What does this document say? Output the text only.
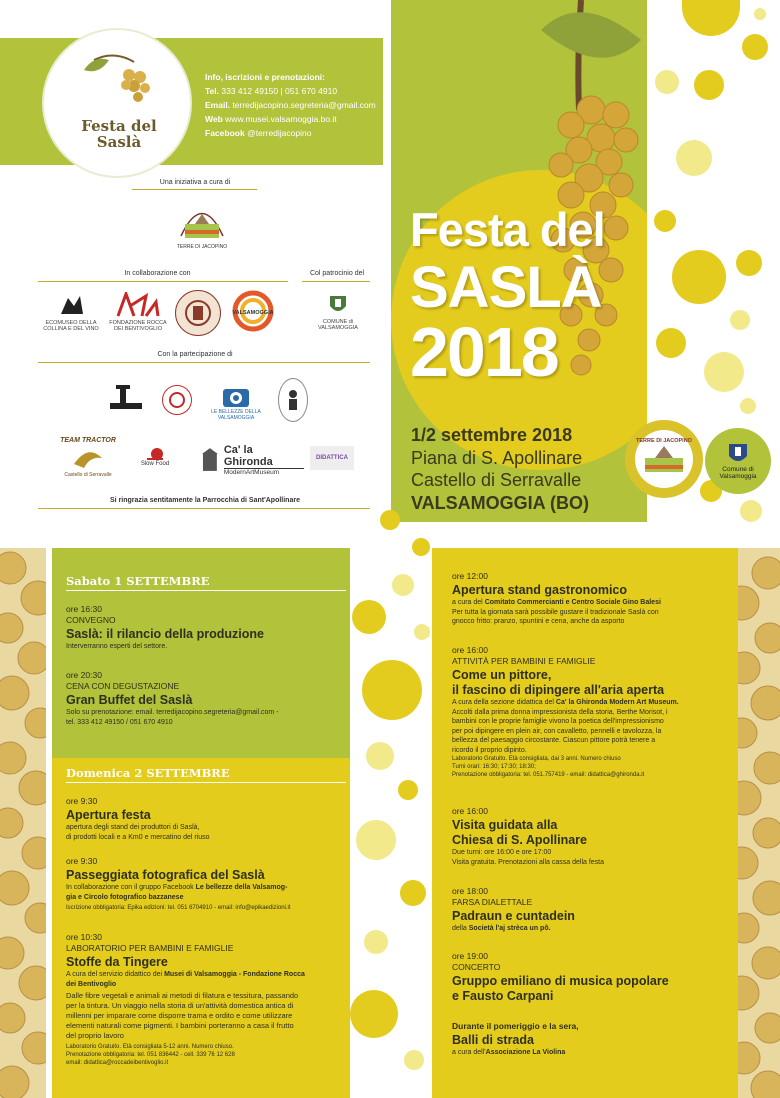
Festa del
Saslà
Info, iscrizioni e prenotazioni:
Tel. 333 412 49150 | 051 670 4910
Email. terredijacopino.segreteria@gmail.com
Web www.musei.valsamoggia.bo.it
Facebook @terredijacopino
Una iniziativa a cura di
TERRE DI JACOPINO
In collaborazione con	Col patrocinio del
ECOMUSEO DELLA COLLINA E DEL VINO
FONDAZIONE ROCCA DEI BENTIVOGLIO
VALSAMOGGIA
COMUNE di VALSAMOGGIA
Con la partecipazione di
LE BELLEZZE DELLA VALSAMOGGIA
TEAM TRACTOR
Castello di Serravalle
Slow Food
Ca' la Ghironda
ModernArtMuseum
DIDATTICA
Si ringrazia sentitamente la Parrocchia di Sant'Apollinare
Festa del
SASLÀ
2018
1/2 settembre 2018
Piana di S. Apollinare
Castello di Serravalle
VALSAMOGGIA (BO)
TERRE DI JACOPINO
Comune di
Valsamoggia
Sabato 1 SETTEMBRE
ore 16:30
CONVEGNO
Saslà: il rilancio della produzione
Interverranno esperti del settore.
ore 20:30
CENA CON DEGUSTAZIONE
Gran Buffet del Saslà
Solo su prenotazione: email. terredijacopino.segreteria@gmail.com -
tel. 333 412 49150 / 051 670 4910
Domenica 2 SETTEMBRE
ore 9:30
Apertura festa
apertura degli stand dei produttori di Saslà,
di prodotti locali e a Km0 e mercatino del riuso
ore 9:30
Passeggiata fotografica del Saslà
In collaborazione con il gruppo Facebook Le bellezze della Valsamog-
gia e Circolo fotografico bazzanese
Iscrizione obbligatoria: Epika edizioni: tel. 051 6704910 - email: info@epikaedizioni.it
ore 10:30
LABORATORIO PER BAMBINI E FAMIGLIE
Stoffe da Tingere
A cura del servizio didattico dei Musei di Valsamoggia - Fondazione Rocca
dei Bentivoglio
Dalle fibre vegetali e animali ai metodi di filatura e tessitura, passando
per la tintura. Un viaggio nella storia di un'attività domestica antica di
millenni per imparare come disporre trama e ordito e come utilizzare
elementi naturali come pigmenti. I bambini porteranno a casa il frutto
del proprio lavoro
Laboratorio Gratuito. Età consigliata 5-12 anni. Numero chiuso.
Prenotazione obbligatoria: tel. 051 836442 - cell. 339 76 12 628
email: didattica@roccadeibentivoglio.it
ore 12:00
Apertura stand gastronomico
a cura del Comitato Commercianti e Centro Sociale Gino Balesi
Per tutta la giornata sarà possibile gustare il tradizionale Saslà con
gnocco fritto: pranzo, spuntini e cena, anche da asporto
ore 16:00
ATTIVITÀ PER BAMBINI E FAMIGLIE
Come un pittore,
il fascino di dipingere all'aria aperta
A cura della sezione didattica del Ca' la Ghironda Modern Art Museum.
Accolti dalla prima donna impressionista della storia, Berthe Morisot, i
bambini con le proprie famiglie vivono la poetica dell'impressionismo
per poi dipingere en plein air, con cavalletto, pennelli e tavolozza, la
bellezza del paesaggio circostante. Ciascun pittore potrà tenere a
ricordo il proprio dipinto.
Laboratorio Gratuito. Età consigliata, dai 3 anni. Numero chiuso
Turni orari: 16:30; 17:30; 18:30;
Prenotazione obbligatoria: tel. 051.757419 - email: didattica@ghironda.it
ore 16:00
Visita guidata alla
Chiesa di S. Apollinare
Due turni: ore 16:00 e ore 17:00
Visita gratuita. Prenotazioni alla cassa della festa
ore 18:00
FARSA DIALETTALE
Padraun e cuntadein
della Società l'aj strèca un pô.
ore 19:00
CONCERTO
Gruppo emiliano di musica popolare
e Fausto Carpani
Durante il pomeriggio e la sera,
Balli di strada
a cura dell'Associazione La Violina
